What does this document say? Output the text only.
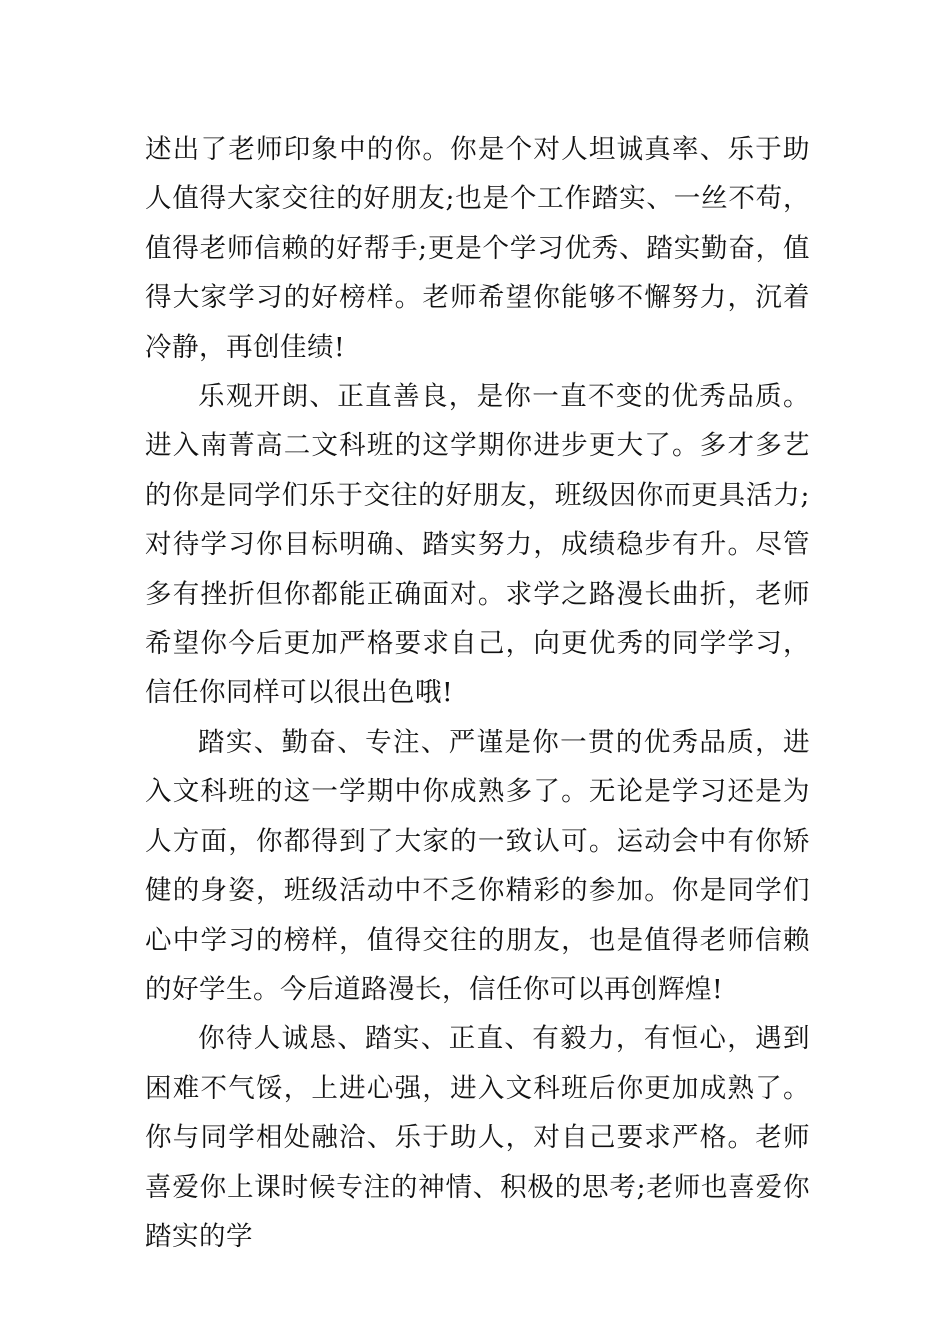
述出了老师印象中的你。你是个对人坦诚真率、乐于助人值得大家交往的好朋友;也是个工作踏实、一丝不苟，值得老师信赖的好帮手;更是个学习优秀、踏实勤奋，值得大家学习的好榜样。老师希望你能够不懈努力，沉着冷静，再创佳绩!

乐观开朗、正直善良，是你一直不变的优秀品质。进入南菁高二文科班的这学期你进步更大了。多才多艺的你是同学们乐于交往的好朋友，班级因你而更具活力;对待学习你目标明确、踏实努力，成绩稳步有升。尽管多有挫折但你都能正确面对。求学之路漫长曲折，老师希望你今后更加严格要求自己，向更优秀的同学学习，信任你同样可以很出色哦!

踏实、勤奋、专注、严谨是你一贯的优秀品质，进入文科班的这一学期中你成熟多了。无论是学习还是为人方面，你都得到了大家的一致认可。运动会中有你矫健的身姿，班级活动中不乏你精彩的参加。你是同学们心中学习的榜样，值得交往的朋友，也是值得老师信赖的好学生。今后道路漫长，信任你可以再创辉煌!

你待人诚恳、踏实、正直、有毅力，有恒心，遇到困难不气馁，上进心强，进入文科班后你更加成熟了。你与同学相处融洽、乐于助人，对自己要求严格。老师喜爱你上课时候专注的神情、积极的思考;老师也喜爱你踏实的学
